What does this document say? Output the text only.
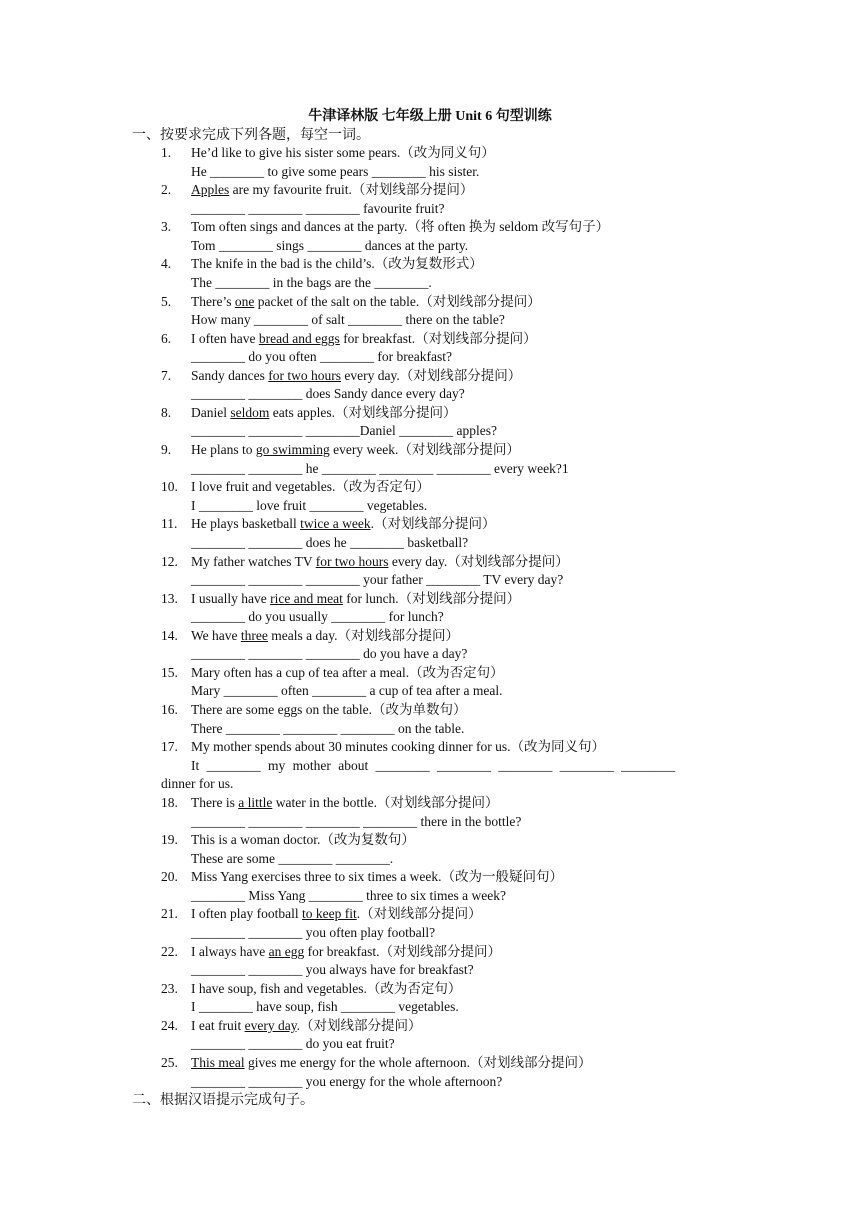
牛津译林版 七年级上册 Unit 6 句型训练
一、按要求完成下列各题，每空一词。
1. He’d like to give his sister some pears.（改为同义句）
He ________ to give some pears ________ his sister.
2. Apples are my favourite fruit.（对划线部分提问）
________ ________ ________ favourite fruit?
3. Tom often sings and dances at the party.（将 often 换为 seldom 改写句子）
Tom ________ sings ________ dances at the party.
4. The knife in the bad is the child’s.（改为复数形式）
The ________ in the bags are the ________.
5. There’s one packet of the salt on the table.（对划线部分提问）
How many ________ of salt ________ there on the table?
6. I often have bread and eggs for breakfast.（对划线部分提问）
________ do you often ________ for breakfast?
7. Sandy dances for two hours every day.（对划线部分提问）
________ ________ does Sandy dance every day?
8. Daniel seldom eats apples.（对划线部分提问）
________ ________ ________Daniel ________ apples?
9. He plans to go swimming every week.（对划线部分提问）
________ ________ he ________ ________ ________ every week?1
10. I love fruit and vegetables.（改为否定句）
I ________ love fruit ________ vegetables.
11. He plays basketball twice a week.（对划线部分提问）
________ ________ does he ________ basketball?
12. My father watches TV for two hours every day.（对划线部分提问）
________ ________ ________ your father ________ TV every day?
13. I usually have rice and meat for lunch.（对划线部分提问）
________ do you usually ________ for lunch?
14. We have three meals a day.（对划线部分提问）
________ ________ ________ do you have a day?
15. Mary often has a cup of tea after a meal.（改为否定句）
Mary ________ often ________ a cup of tea after a meal.
16. There are some eggs on the table.（改为单数句）
There ________ ________ ________ on the table.
17. My mother spends about 30 minutes cooking dinner for us.（改为同义句）
It ________ my mother about ________ ________ ________ ________ ________
dinner for us.
18. There is a little water in the bottle.（对划线部分提问）
________ ________ ________ ________ there in the bottle?
19. This is a woman doctor.（改为复数句）
These are some ________ ________.
20. Miss Yang exercises three to six times a week.（改为一般疑问句）
________ Miss Yang ________ three to six times a week?
21. I often play football to keep fit.（对划线部分提问）
________ ________ you often play football?
22. I always have an egg for breakfast.（对划线部分提问）
________ ________ you always have for breakfast?
23. I have soup, fish and vegetables.（改为否定句）
I ________ have soup, fish ________ vegetables.
24. I eat fruit every day.（对划线部分提问）
________ ________ do you eat fruit?
25. This meal gives me energy for the whole afternoon.（对划线部分提问）
________ ________ you energy for the whole afternoon?
二、根据汉语提示完成句子。
